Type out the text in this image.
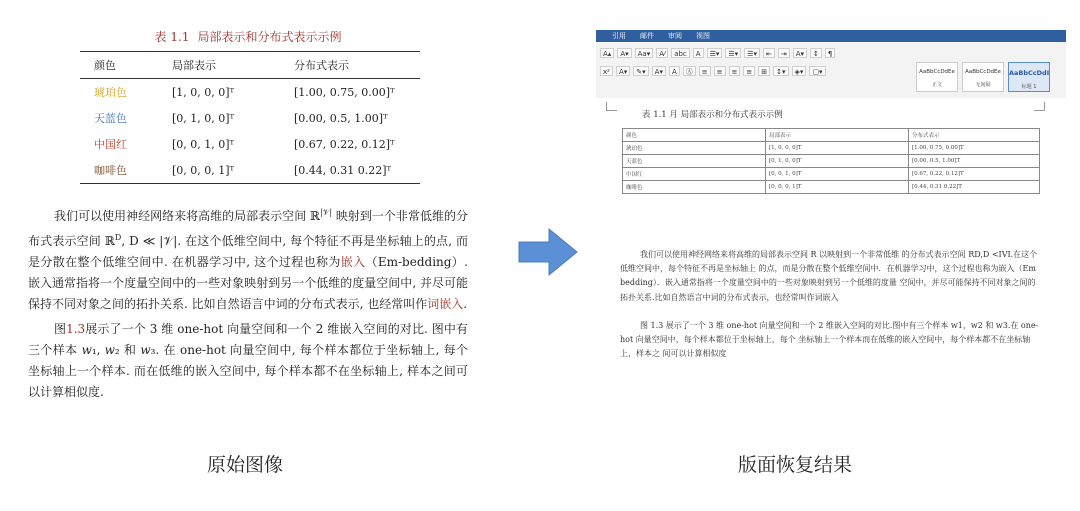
表 1.1 局部表示和分布式表示示例
颜色	局部表示	分布式表示
琥珀色	[1, 0, 0, 0]ᵀ	[1.00, 0.75, 0.00]ᵀ
天蓝色	[0, 1, 0, 0]ᵀ	[0.00, 0.5, 1.00]ᵀ
中国红	[0, 0, 1, 0]ᵀ	[0.67, 0.22, 0.12]ᵀ
咖啡色	[0, 0, 0, 1]ᵀ	[0.44, 0.31 0.22]ᵀ

我们可以使用神经网络来将高维的局部表示空间 ℝ$^{|𝒱|}$ 映射到一个非常低维的分布式表示空间 ℝ$^D$, D ≪ |𝒱|. 在这个低维空间中, 每个特征不再是坐标轴上的点, 而是分散在整个低维空间中. 在机器学习中, 这个过程也称为嵌入（Em-bedding）. 嵌入通常指将一个度量空间中的一些对象映射到另一个低维的度量空间中, 并尽可能保持不同对象之间的拓扑关系. 比如自然语言中词的分布式表示, 也经常叫作词嵌入.

图1.3展示了一个 3 维 one-hot 向量空间和一个 2 维嵌入空间的对比. 图中有三个样本 𝑤₁, 𝑤₂ 和 𝑤₃. 在 one-hot 向量空间中, 每个样本都位于坐标轴上, 每个坐标轴上一个样本. 而在低维的嵌入空间中, 每个样本都不在坐标轴上, 样本之间可以计算相似度.

原始图像
引用 邮件 审阅 视图
A▴	A▾	Aa▾	A⁄	abc	A	☰▾	☰▾	☰▾	⇤	⇥	A▾	↕	¶
x²	A▾	✎▾	A▾	A	Ⓐ	≡	≡	≡	≡	⊞	↕▾	◈▾	▢▾	AaBbCcDdEe
正文
AaBbCcDdEe
无间隔
AaBbCcDdI
标题 1
表 1.1 月 局部表示和分布式表示示例
颜色	局部表示	分布式表示
琥珀色	[1, 0, 0, 0]T	[1.00, 0.75, 0.00]T
天蓝色	[0, 1, 0, 0]T	[0.00, 0.5, 1.00]T
中国红	[0, 0, 1, 0]T	[0.67, 0.22, 0.12]T
咖啡色	[0, 0, 0, 1]T	[0.44, 0.31 0.22]T

我们可以使用神经网络来将高维的局部表示空间 R 以映射到一个非常低维 的分布式表示空间 RD,D <IVI.在这个低维空间中，每个特征不再是坐标轴上 的点，而是分散在整个低维空间中．在机器学习中，这个过程也称为嵌入（Em bedding）．嵌入通常指将一个度量空间中的一些对象映射到另一个低维的度量 空间中，并尽可能保持不同对象之间的拓扑关系.比如自然语言中词的分布式表示，也经常叫作词嵌入

图 1.3 展示了一个 3 维 one-hot 向量空间和一个 2 维嵌入空间的对比.图中有三个样本 w1，w2 和 w3.在 one-hot 向量空间中，每个样本都位于坐标轴上，每个 坐标轴上一个样本而在低维的嵌入空间中，每个样本都不在坐标轴上，样本之 间可以计算相似度

版面恢复结果
